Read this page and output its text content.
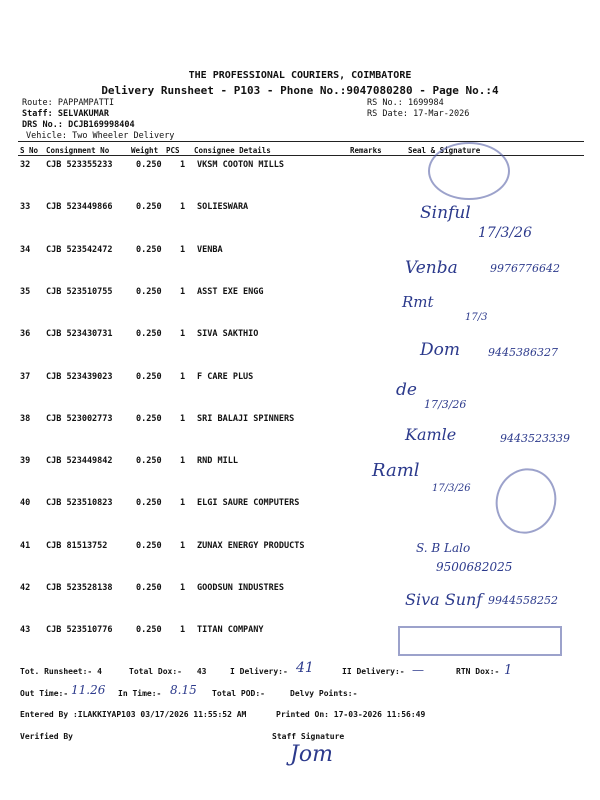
THE PROFESSIONAL COURIERS, COIMBATORE
Delivery Runsheet - P103 - Phone No.:9047080280 - Page No.:4
Route: PAPPAMPATTI
Staff: SELVAKUMAR
DRS No.: DCJB169998404
Vehicle: Two Wheeler Delivery
RS No.: 1699984
RS Date: 17-Mar-2026
S No Consignment No	Weight PCS Consignee Details	Remarks	Seal & Signature
32 CJB 523355233	0.250 1 VKSM COOTON MILLS
33 CJB 523449866	0.250 1 SOLIESWARA
34 CJB 523542472	0.250 1 VENBA
35 CJB 523510755	0.250 1 ASST EXE ENGG
36 CJB 523430731	0.250 1 SIVA SAKTHIO
37 CJB 523439023	0.250 1 F CARE PLUS
38 CJB 523002773	0.250 1 SRI BALAJI SPINNERS
39 CJB 523449842	0.250 1 RND MILL
40 CJB 523510823	0.250 1 ELGI SAURE COMPUTERS
41 CJB 81513752	0.250 1 ZUNAX ENERGY PRODUCTS
42 CJB 523528138	0.250 1 GOODSUN INDUSTRES
43 CJB 523510776	0.250 1 TITAN COMPANY
Sinful
17/3/26
Venba	9976776642
Rmt
17/3
Dom	9445386327
de
17/3/26
Kamle	9443523339
Raml
17/3/26
S. B Lalo
9500682025
Siva Sunf 9944558252
Tot. Runsheet:- 4	Total Dox:- 43	I Delivery:- 41	II Delivery:- —	RTN Dox:- 1
Out Time:- 11.26 In Time:- 8.15 Total POD:-	Delvy Points:-
Entered By :ILAKKIYAP103 03/17/2026 11:55:52 AM	Printed On: 17-03-2026 11:56:49
Verified By	Staff Signature
Jom
